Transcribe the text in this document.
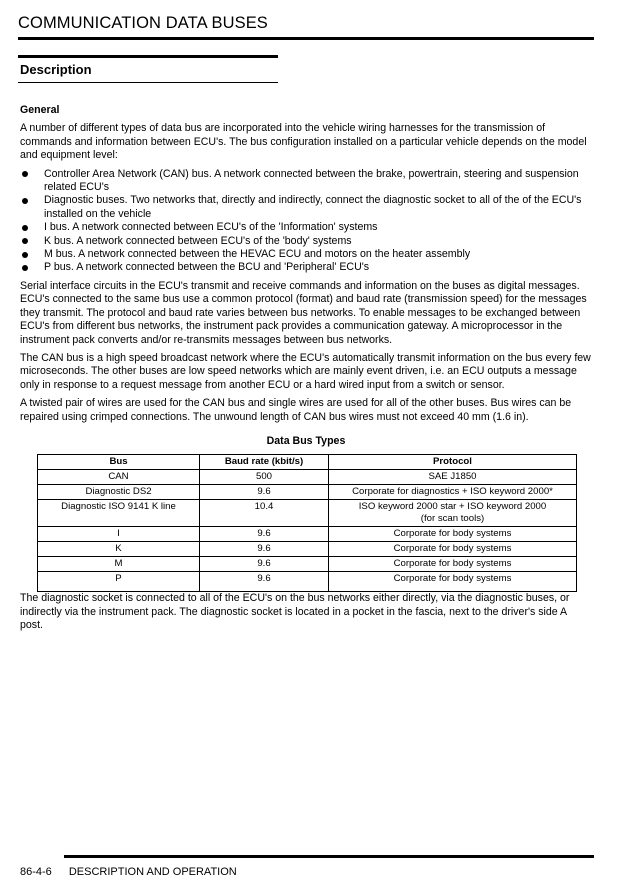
COMMUNICATION DATA BUSES
Description

General

A number of different types of data bus are incorporated into the vehicle wiring harnesses for the transmission of commands and information between ECU's. The bus configuration installed on a particular vehicle depends on the model and equipment level:

Controller Area Network (CAN) bus. A network connected between the brake, powertrain, steering and suspension related ECU's
Diagnostic buses. Two networks that, directly and indirectly, connect the diagnostic socket to all of the of the ECU's installed on the vehicle
I bus. A network connected between ECU's of the 'Information' systems
K bus. A network connected between ECU's of the 'body' systems
M bus. A network connected between the HEVAC ECU and motors on the heater assembly
P bus. A network connected between the BCU and 'Peripheral' ECU's

Serial interface circuits in the ECU's transmit and receive commands and information on the buses as digital messages. ECU's connected to the same bus use a common protocol (format) and baud rate (transmission speed) for the messages they transmit. The protocol and baud rate varies between bus networks. To enable messages to be exchanged between ECU's from different bus networks, the instrument pack provides a communication gateway. A microprocessor in the instrument pack converts and/or re-transmits messages between bus networks.

The CAN bus is a high speed broadcast network where the ECU's automatically transmit information on the bus every few microseconds. The other buses are low speed networks which are mainly event driven, i.e. an ECU outputs a message only in response to a request message from another ECU or a hard wired input from a switch or sensor.

A twisted pair of wires are used for the CAN bus and single wires are used for all of the other buses. Bus wires can be repaired using crimped connections. The unwound length of CAN bus wires must not exceed 40 mm (1.6 in).

Data Bus Types
Bus	Baud rate (kbit/s)	Protocol
CAN	500	SAE J1850

Diagnostic DS2	9.6	Corporate for diagnostics + ISO keyword 2000*

Diagnostic ISO 9141 K line	10.4	ISO keyword 2000 star + ISO keyword 2000
(for scan tools)

I	9.6	Corporate for body systems

K	9.6	Corporate for body systems

M	9.6	Corporate for body systems

P	9.6	Corporate for body systems

The diagnostic socket is connected to all of the ECU's on the bus networks either directly, via the diagnostic buses, or indirectly via the instrument pack. The diagnostic socket is located in a pocket in the fascia, next to the driver's side A post.

86-4-6 DESCRIPTION AND OPERATION
